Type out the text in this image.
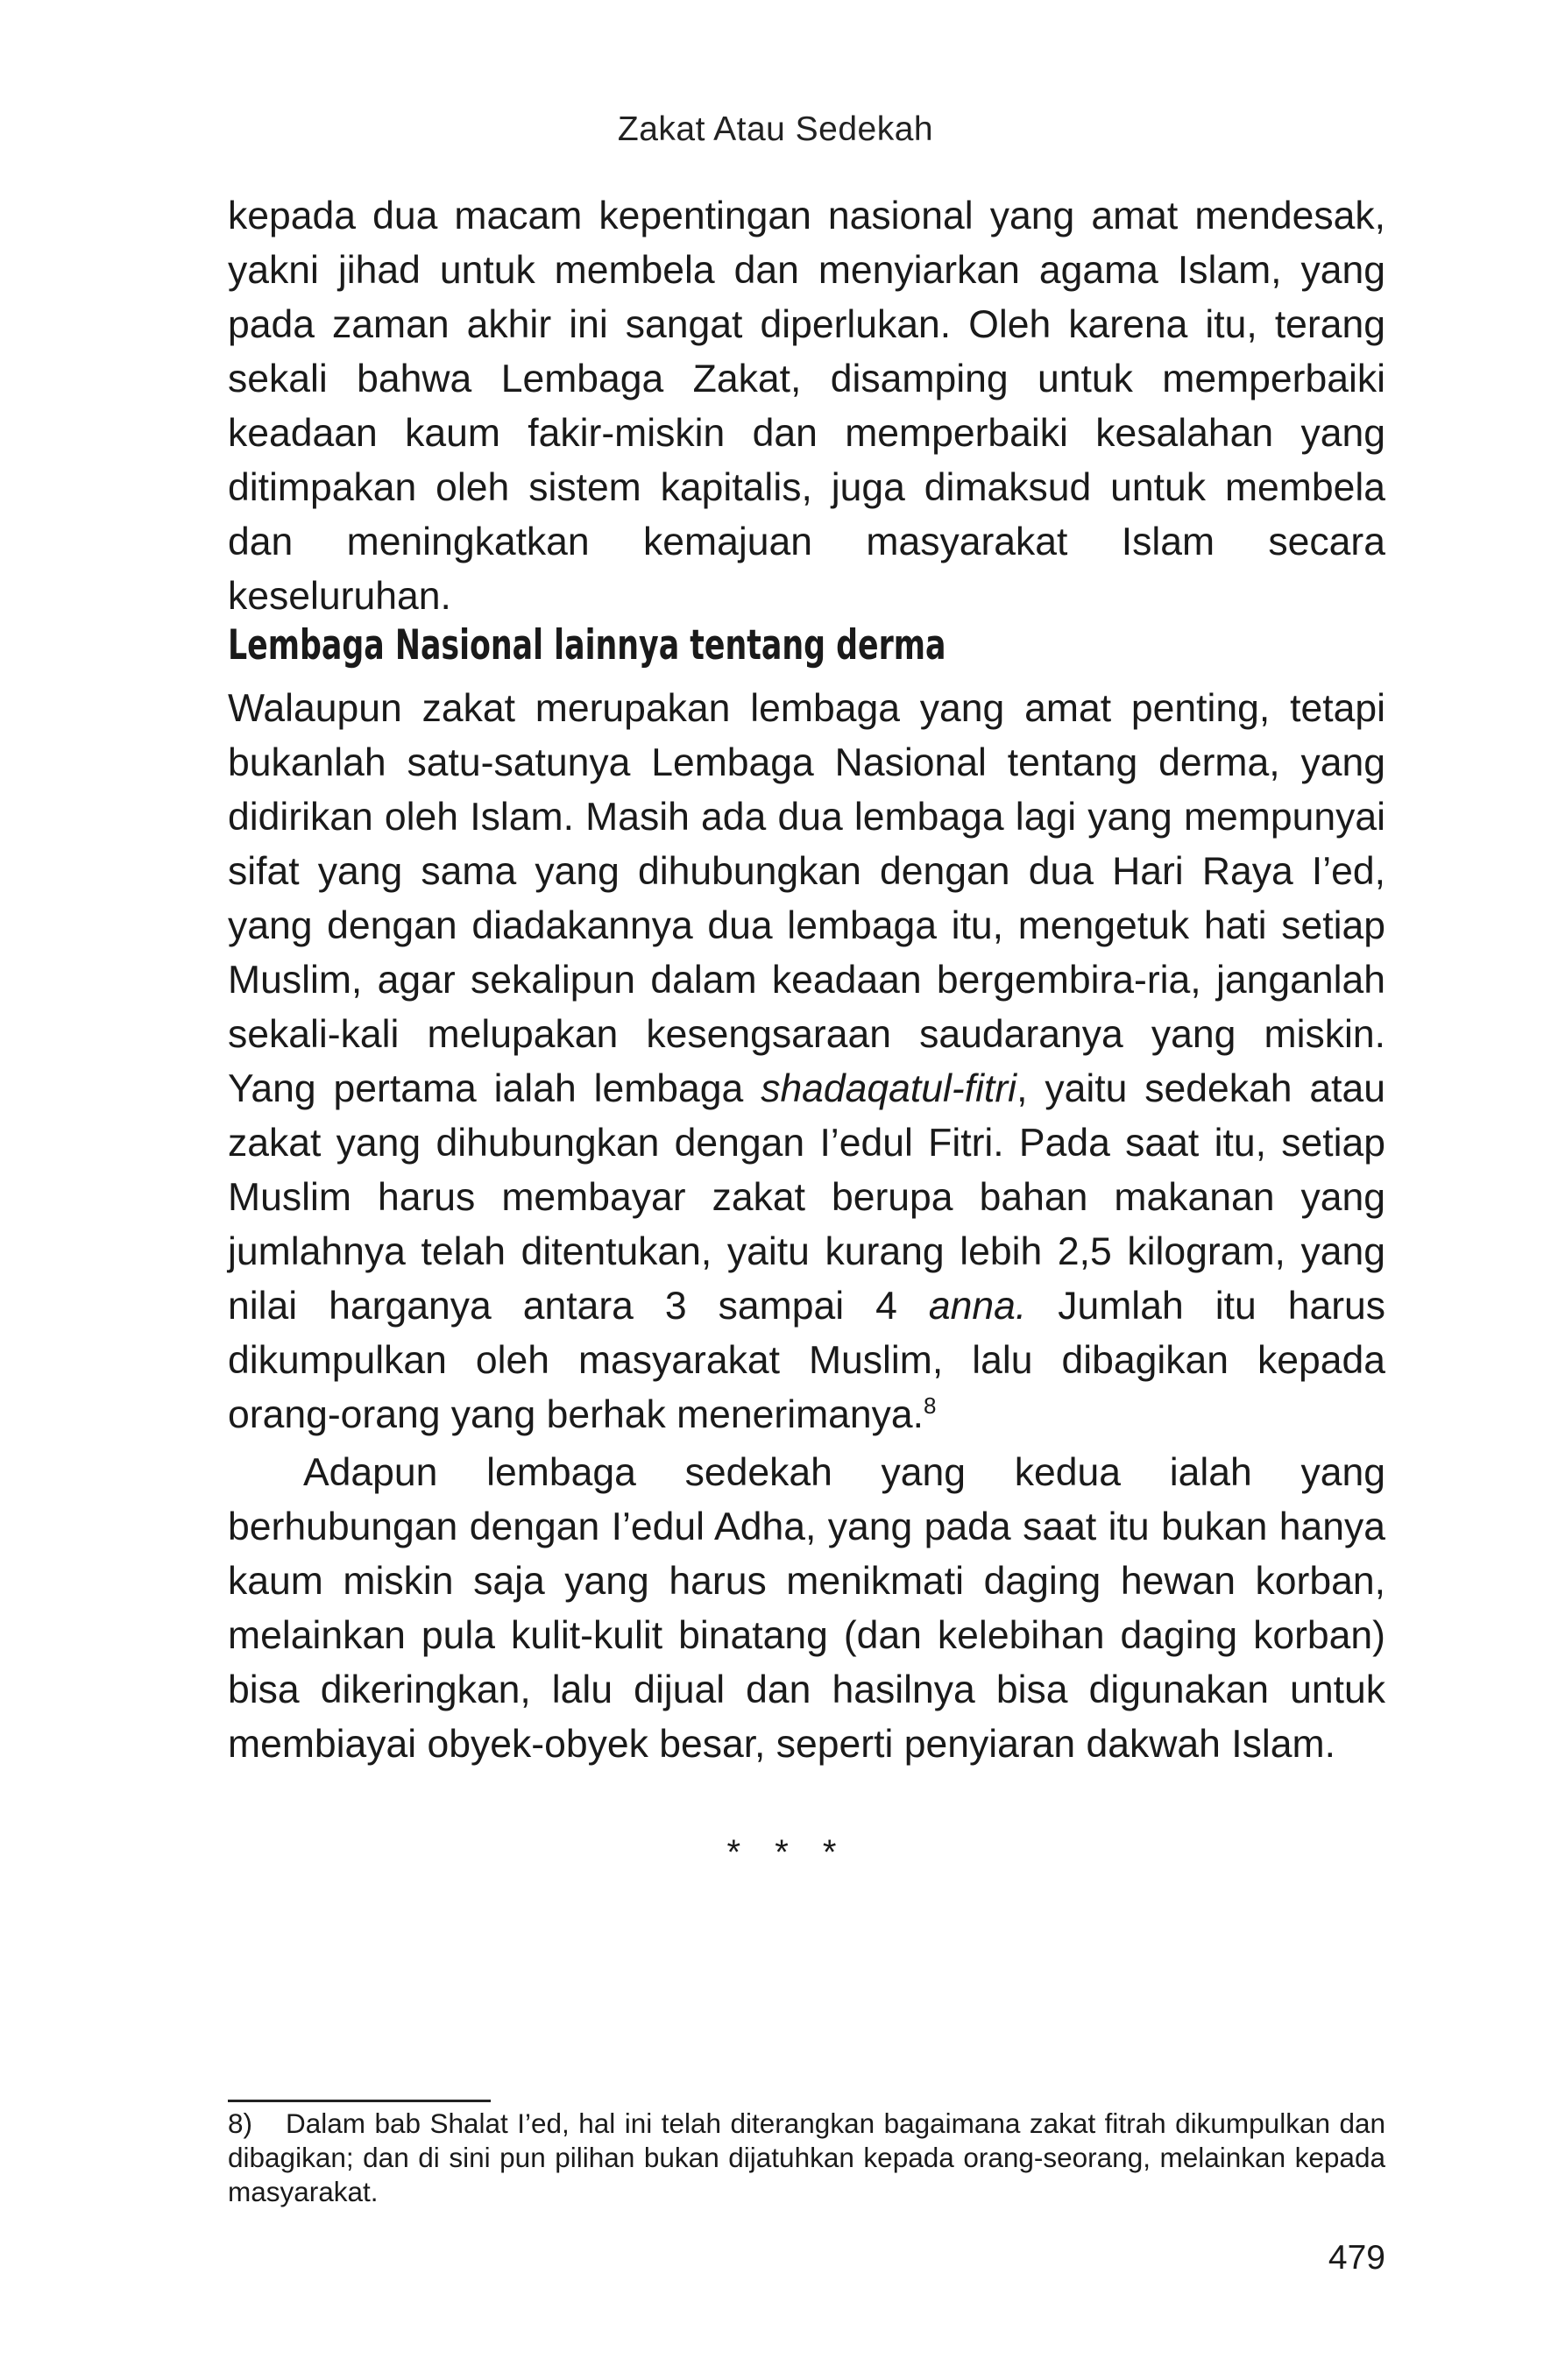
Zakat Atau Sedekah

kepada dua macam kepentingan nasional yang amat mendesak, yakni jihad untuk membela dan menyiarkan agama Islam, yang pada zaman akhir ini sangat diperlukan. Oleh karena itu, terang sekali bahwa Lembaga Zakat, disamping untuk memperbaiki keadaan kaum fakir-miskin dan memperbaiki kesalahan yang ditimpakan oleh sistem kapitalis, juga dimaksud untuk membela dan meningkatkan kemajuan masyarakat Islam secara keseluruhan.

Lembaga Nasional lainnya tentang derma

Walaupun zakat merupakan lembaga yang amat penting, tetapi bukanlah satu-satunya Lembaga Nasional tentang derma, yang didirikan oleh Islam. Masih ada dua lembaga lagi yang mempunyai sifat yang sama yang dihubungkan dengan dua Hari Raya I’ed, yang dengan diadakannya dua lembaga itu, mengetuk hati setiap Muslim, agar sekalipun dalam keadaan bergembira-ria, janganlah sekali-kali melupakan kesengsaraan saudaranya yang miskin. Yang pertama ialah lembaga shadaqatul-fitri, yaitu sedekah atau zakat yang dihubungkan dengan I’edul Fitri. Pada saat itu, setiap Muslim harus membayar zakat berupa bahan makanan yang jumlahnya telah ditentukan, yaitu kurang lebih 2,5 kilogram, yang nilai harganya antara 3 sampai 4 anna. Jumlah itu harus dikumpulkan oleh masyarakat Muslim, lalu dibagikan kepada orang-orang yang berhak menerimanya.$^8$

Adapun lembaga sedekah yang kedua ialah yang berhubungan dengan I’edul Adha, yang pada saat itu bukan hanya kaum miskin saja yang harus menikmati daging hewan korban, melainkan pula kulit-kulit binatang (dan kelebihan daging korban) bisa dikeringkan, lalu dijual dan hasilnya bisa digunakan untuk membiayai obyek-obyek besar, seperti penyiaran dakwah Islam.

* * *

8) Dalam bab Shalat I’ed, hal ini telah diterangkan bagaimana zakat fitrah dikumpulkan dan dibagikan; dan di sini pun pilihan bukan dijatuhkan kepada orang-seorang, melainkan kepada masyarakat.

479
